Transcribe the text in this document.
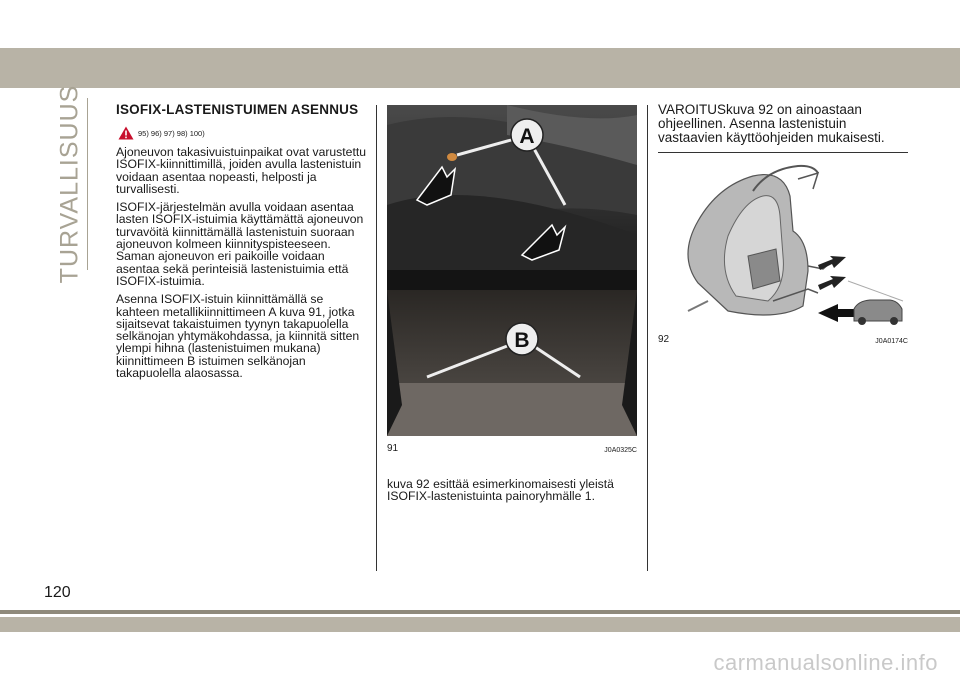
TURVALLISUUS ISOFIX-LASTENISTUIMEN ASENNUS
95) 96) 97) 98) 100)

Ajoneuvon takasivuistuinpaikat ovat varustettu ISOFIX-kiinnittimillä, joiden avulla lastenistuin voidaan asentaa nopeasti, helposti ja turvallisesti.

ISOFIX-järjestelmän avulla voidaan asentaa lasten ISOFIX-istuimia käyttämättä ajoneuvon turvavöitä kiinnittämällä lastenistuin suoraan ajoneuvon kolmeen kiinnityspisteeseen. Saman ajoneuvon eri paikoille voidaan asentaa sekä perinteisiä lastenistuimia että ISOFIX-istuimia.

Asenna ISOFIX-istuin kiinnittämällä se kahteen metallikiinnittimeen A kuva 91, jotka sijaitsevat takaistuimen tyynyn takapuolella selkänojan yhtymäkohdassa, ja kiinnitä sitten ylempi hihna (lastenistuimen mukana) kiinnittimeen B istuimen selkänojan takapuolella alaosassa.

A
B
91	J0A0325C

kuva 92 esittää esimerkinomaisesti yleistä ISOFIX-lastenistuinta painoryhmälle 1.

VAROITUSkuva 92 on ainoastaan ohjeellinen. Asenna lastenistuin vastaavien käyttöohjeiden mukaisesti.

92	J0A0174C
120
carmanualsonline.info
